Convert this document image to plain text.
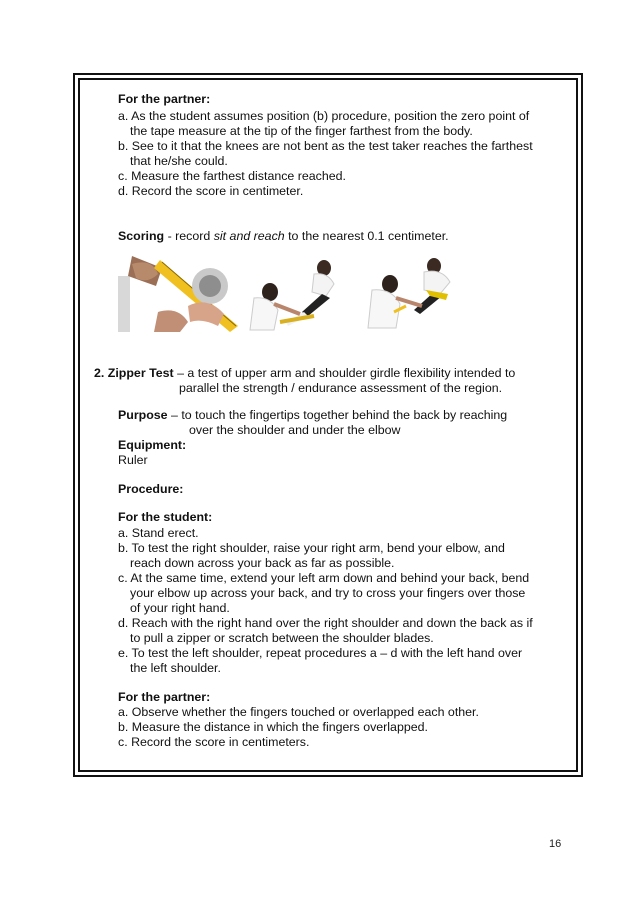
For the partner:
a. As the student assumes position (b) procedure, position the zero point of
the tape measure at the tip of the finger farthest from the body.
b. See to it that the knees are not bent as the test taker reaches the farthest
that he/she could.
c. Measure the farthest distance reached.
d. Record the score in centimeter.
Scoring - record sit and reach to the nearest 0.1 centimeter.
2. Zipper Test – a test of upper arm and shoulder girdle flexibility intended to
parallel the strength / endurance assessment of the region.
Purpose – to touch the fingertips together behind the back by reaching
over the shoulder and under the elbow
Equipment:
Ruler
Procedure:
For the student:
a. Stand erect.
b. To test the right shoulder, raise your right arm, bend your elbow, and
reach down across your back as far as possible.
c. At the same time, extend your left arm down and behind your back, bend
your elbow up across your back, and try to cross your fingers over those
of your right hand.
d. Reach with the right hand over the right shoulder and down the back as if
to pull a zipper or scratch between the shoulder blades.
e. To test the left shoulder, repeat procedures a – d with the left hand over
the left shoulder.
For the partner:
a. Observe whether the fingers touched or overlapped each other.
b. Measure the distance in which the fingers overlapped.
c. Record the score in centimeters.
16
